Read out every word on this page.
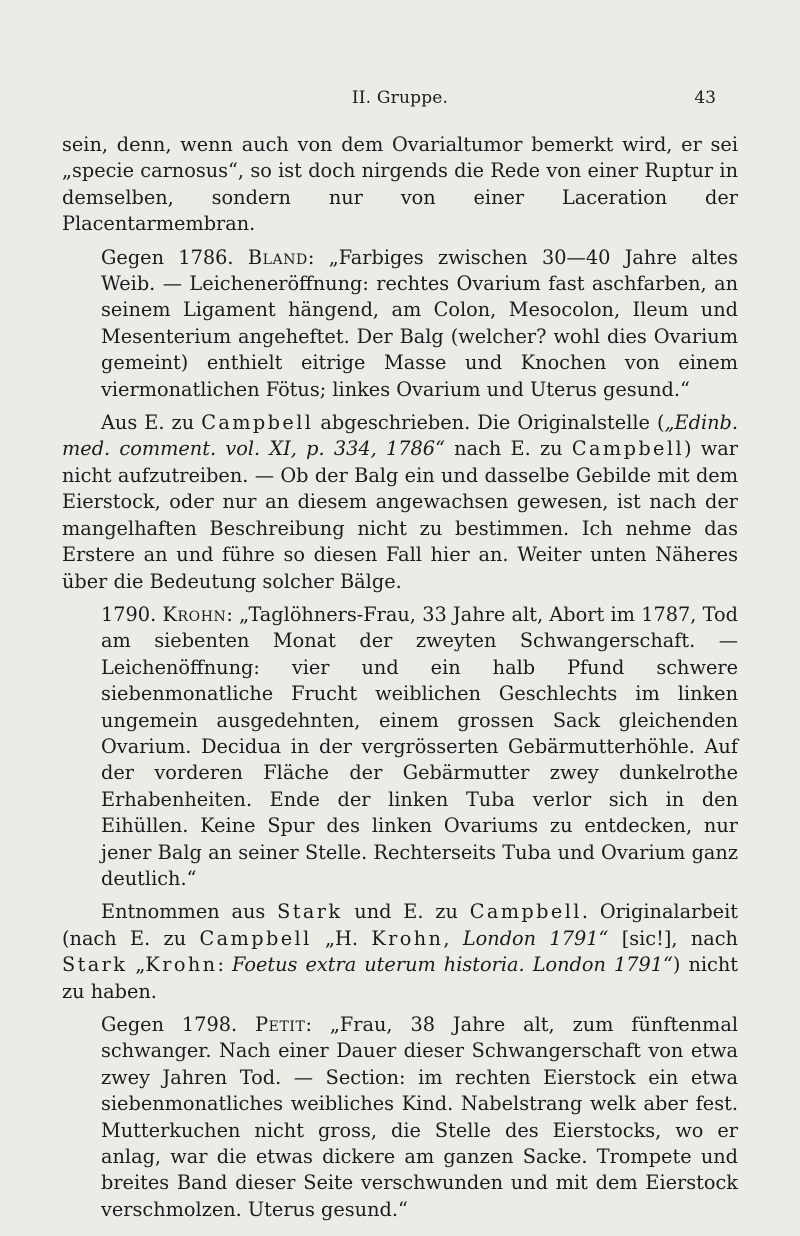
II. Gruppe.	43

sein, denn, wenn auch von dem Ovarialtumor bemerkt wird, er sei „specie carnosus“, so ist doch nirgends die Rede von einer Ruptur in demselben, sondern nur von einer Laceration der Placentarmembran.

Gegen 1786. Bland: „Farbiges zwischen 30—40 Jahre altes Weib. — Leicheneröffnung: rechtes Ovarium fast aschfarben, an seinem Ligament hängend, am Colon, Mesocolon, Ileum und Mesenterium angeheftet. Der Balg (welcher? wohl dies Ovarium gemeint) enthielt eitrige Masse und Knochen von einem viermonatlichen Fötus; linkes Ovarium und Uterus gesund.“

Aus E. zu Campbell abgeschrieben. Die Originalstelle („Edinb. med. comment. vol. XI, p. 334, 1786“ nach E. zu Campbell) war nicht aufzutreiben. — Ob der Balg ein und dasselbe Gebilde mit dem Eierstock, oder nur an diesem angewachsen gewesen, ist nach der mangelhaften Beschreibung nicht zu bestimmen. Ich nehme das Erstere an und führe so diesen Fall hier an. Weiter unten Näheres über die Bedeutung solcher Bälge.

1790. Krohn: „Taglöhners-Frau, 33 Jahre alt, Abort im 1787, Tod am siebenten Monat der zweyten Schwangerschaft. — Leichenöffnung: vier und ein halb Pfund schwere siebenmonatliche Frucht weiblichen Geschlechts im linken ungemein ausgedehnten, einem grossen Sack gleichenden Ovarium. Decidua in der vergrösserten Gebärmutterhöhle. Auf der vorderen Fläche der Gebärmutter zwey dunkelrothe Erhabenheiten. Ende der linken Tuba verlor sich in den Eihüllen. Keine Spur des linken Ovariums zu entdecken, nur jener Balg an seiner Stelle. Rechterseits Tuba und Ovarium ganz deutlich.“

Entnommen aus Stark und E. zu Campbell. Originalarbeit (nach E. zu Campbell „H. Krohn, London 1791“ [sic!], nach Stark „Krohn: Foetus extra uterum historia. London 1791“) nicht zu haben.

Gegen 1798. Petit: „Frau, 38 Jahre alt, zum fünftenmal schwanger. Nach einer Dauer dieser Schwangerschaft von etwa zwey Jahren Tod. — Section: im rechten Eierstock ein etwa siebenmonatliches weibliches Kind. Nabelstrang welk aber fest. Mutterkuchen nicht gross, die Stelle des Eierstocks, wo er anlag, war die etwas dickere am ganzen Sacke. Trompete und breites Band dieser Seite verschwunden und mit dem Eierstock verschmolzen. Uterus gesund.“
